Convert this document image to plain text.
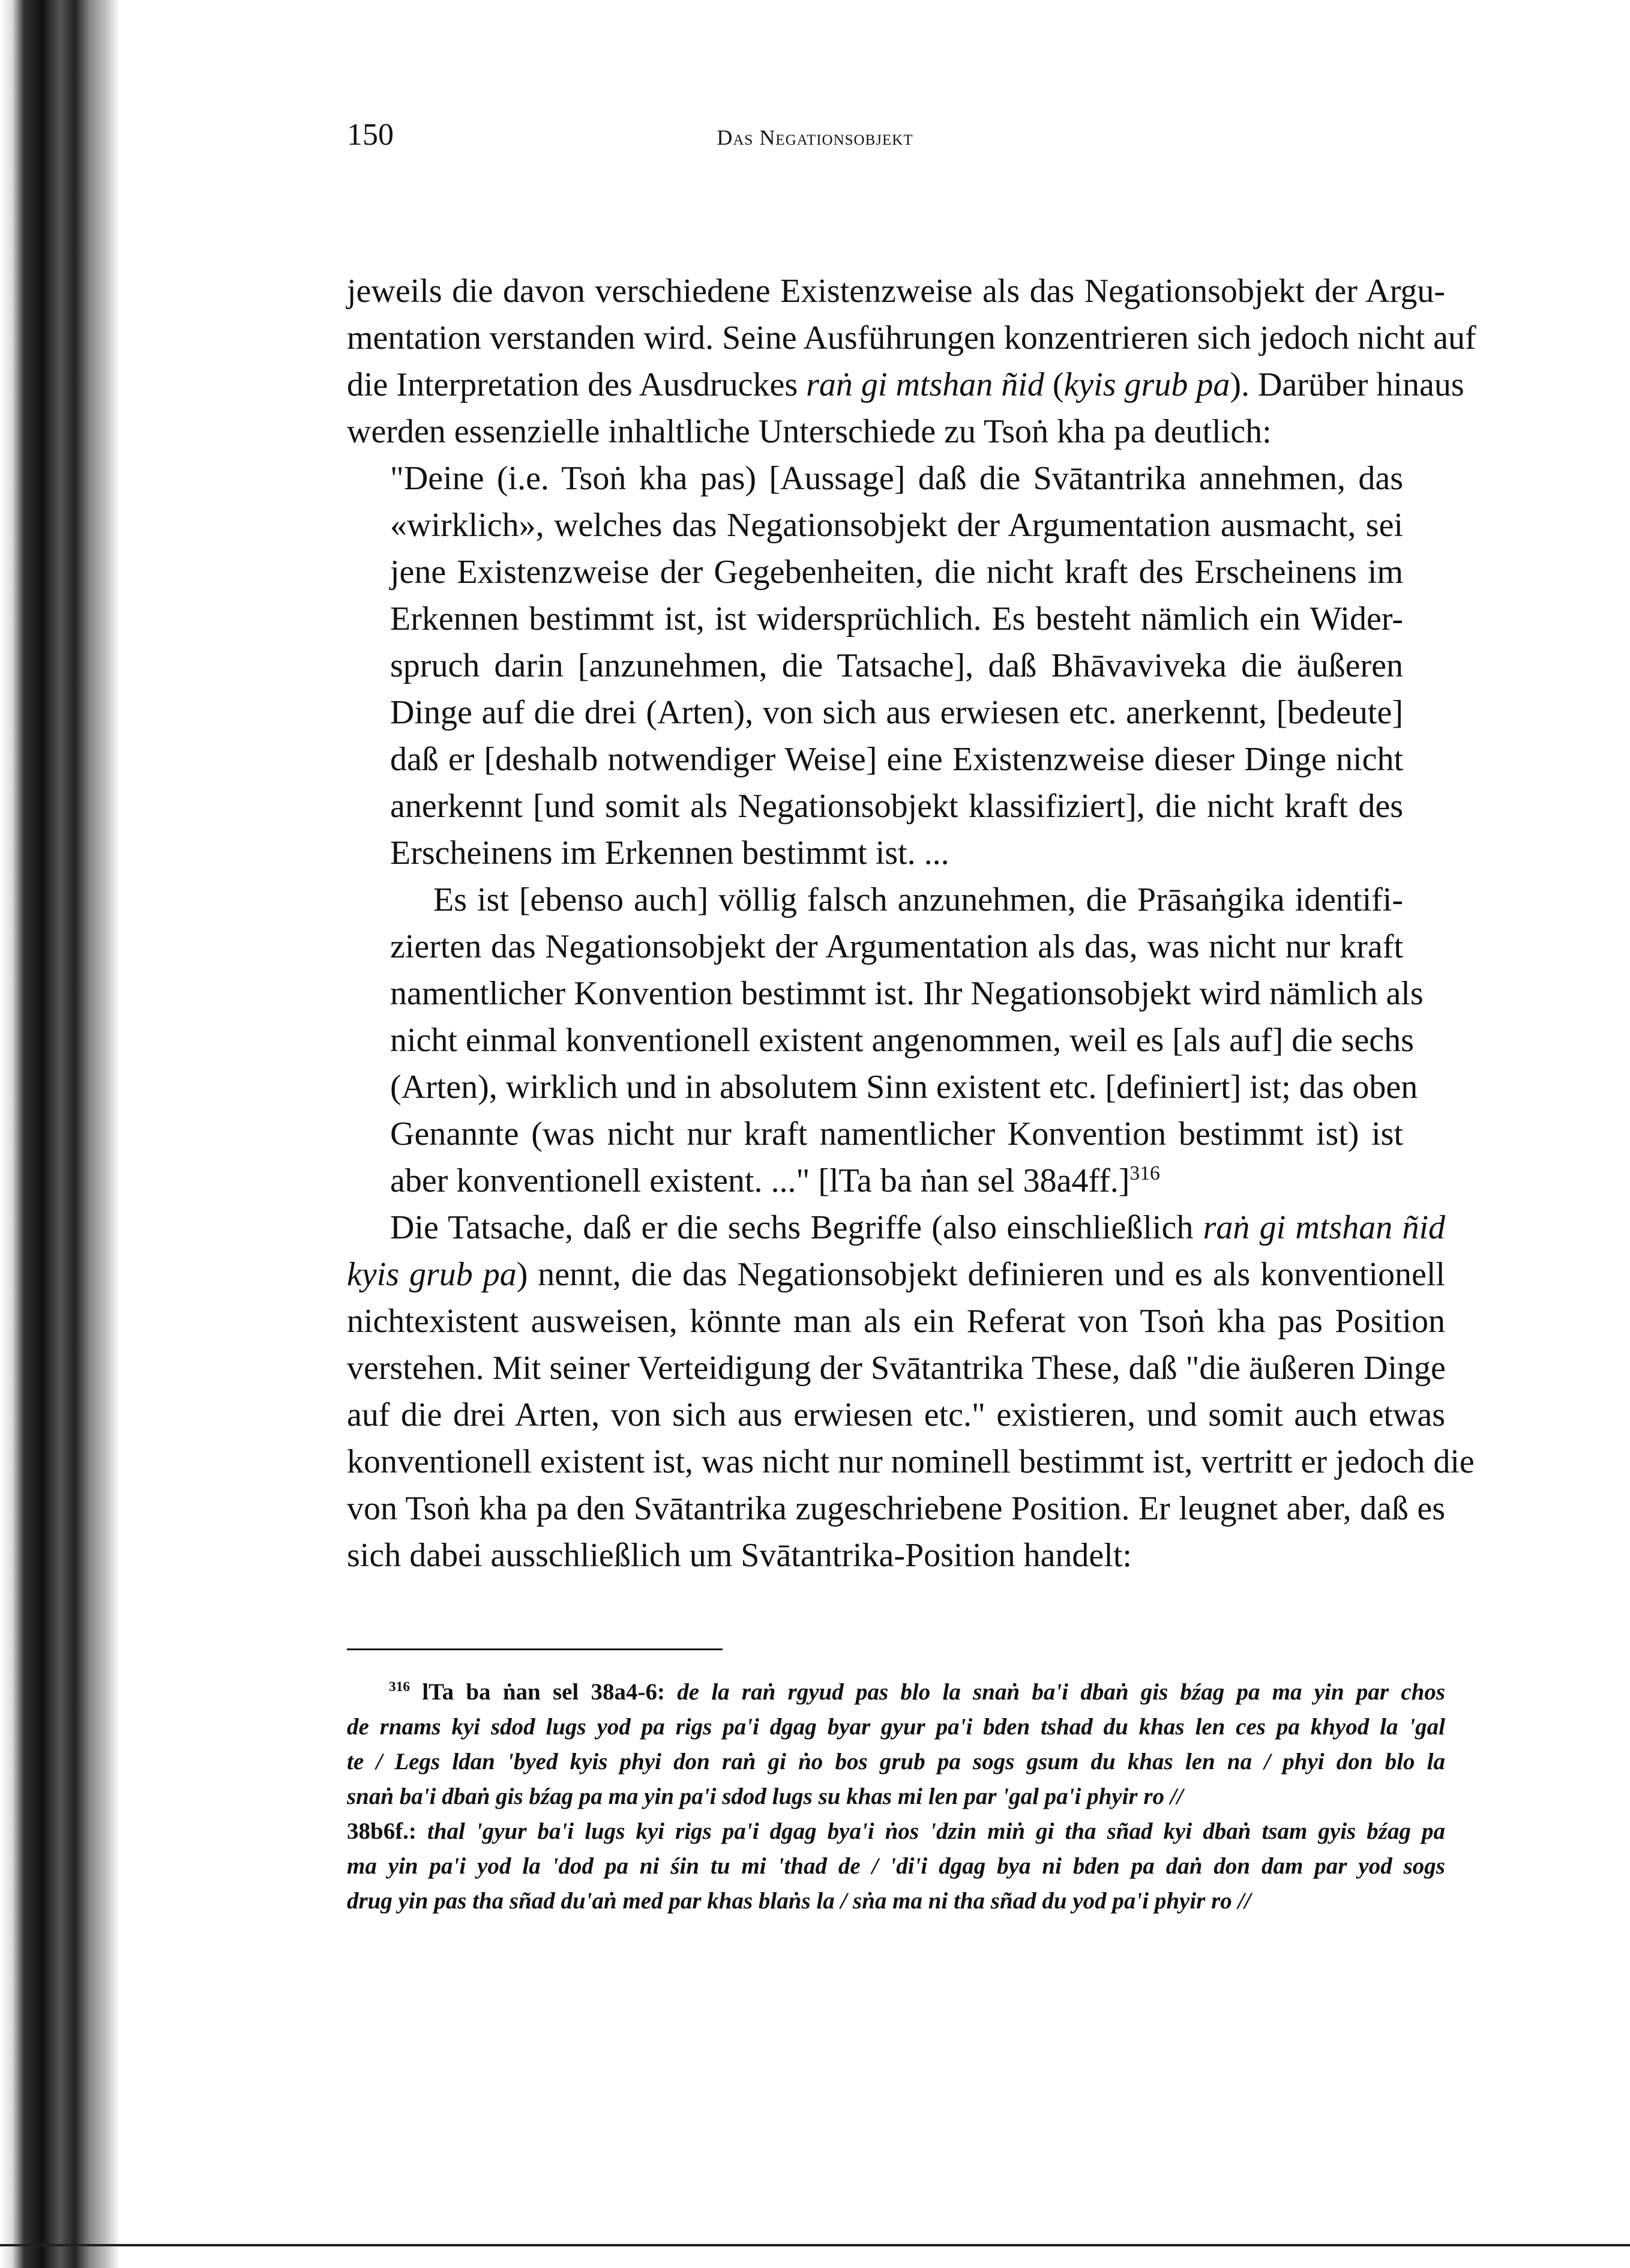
150	Das Negationsobjekt
jeweils die davon verschiedene Existenzweise als das Negationsobjekt der Argu-
mentation verstanden wird. Seine Ausführungen konzentrieren sich jedoch nicht auf
die Interpretation des Ausdruckes raṅ gi mtshan ñid (kyis grub pa). Darüber hinaus
werden essenzielle inhaltliche Unterschiede zu Tsoṅ kha pa deutlich:
"Deine (i.e. Tsoṅ kha pas) [Aussage] daß die Svātantrika annehmen, das
«wirklich», welches das Negationsobjekt der Argumentation ausmacht, sei
jene Existenzweise der Gegebenheiten, die nicht kraft des Erscheinens im
Erkennen bestimmt ist, ist widersprüchlich. Es besteht nämlich ein Wider-
spruch darin [anzunehmen, die Tatsache], daß Bhāvaviveka die äußeren
Dinge auf die drei (Arten), von sich aus erwiesen etc. anerkennt, [bedeute]
daß er [deshalb notwendiger Weise] eine Existenzweise dieser Dinge nicht
anerkennt [und somit als Negationsobjekt klassifiziert], die nicht kraft des
Erscheinens im Erkennen bestimmt ist. ...
Es ist [ebenso auch] völlig falsch anzunehmen, die Prāsaṅgika identifi-
zierten das Negationsobjekt der Argumentation als das, was nicht nur kraft
namentlicher Konvention bestimmt ist. Ihr Negationsobjekt wird nämlich als
nicht einmal konventionell existent angenommen, weil es [als auf] die sechs
(Arten), wirklich und in absolutem Sinn existent etc. [definiert] ist; das oben
Genannte (was nicht nur kraft namentlicher Konvention bestimmt ist) ist
aber konventionell existent. ..." [lTa ba ṅan sel 38a4ff.]$^{316}$
Die Tatsache, daß er die sechs Begriffe (also einschließlich raṅ gi mtshan ñid
kyis grub pa) nennt, die das Negationsobjekt definieren und es als konventionell
nichtexistent ausweisen, könnte man als ein Referat von Tsoṅ kha pas Position
verstehen. Mit seiner Verteidigung der Svātantrika These, daß "die äußeren Dinge
auf die drei Arten, von sich aus erwiesen etc." existieren, und somit auch etwas
konventionell existent ist, was nicht nur nominell bestimmt ist, vertritt er jedoch die
von Tsoṅ kha pa den Svātantrika zugeschriebene Position. Er leugnet aber, daß es
sich dabei ausschließlich um Svātantrika-Position handelt:
$^{316}$ lTa ba ṅan sel 38a4-6: de la raṅ rgyud pas blo la snaṅ ba'i dbaṅ gis bźag pa ma yin par chos
de rnams kyi sdod lugs yod pa rigs pa'i dgag byar gyur pa'i bden tshad du khas len ces pa khyod la 'gal
te / Legs ldan 'byed kyis phyi don raṅ gi ṅo bos grub pa sogs gsum du khas len na / phyi don blo la
snaṅ ba'i dbaṅ gis bźag pa ma yin pa'i sdod lugs su khas mi len par 'gal pa'i phyir ro //
38b6f.: thal 'gyur ba'i lugs kyi rigs pa'i dgag bya'i ṅos 'dzin miṅ gi tha sñad kyi dbaṅ tsam gyis bźag pa
ma yin pa'i yod la 'dod pa ni śin tu mi 'thad de / 'di'i dgag bya ni bden pa daṅ don dam par yod sogs
drug yin pas tha sñad du'aṅ med par khas blaṅs la / sṅa ma ni tha sñad du yod pa'i phyir ro //
